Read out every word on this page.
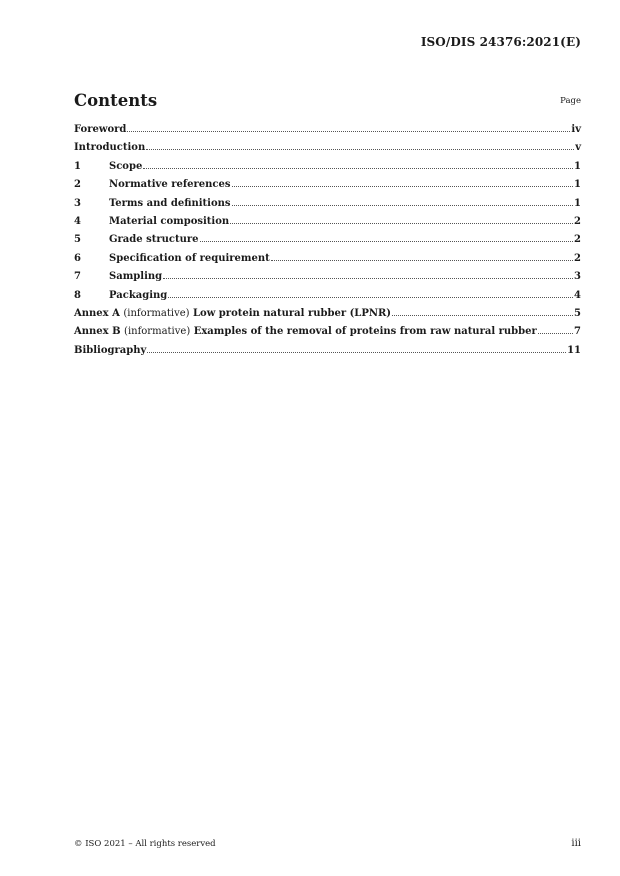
ISO/DIS 24376:2021(E)
Contents	Page
Foreword	iv
Introduction	v
1	Scope	1
2	Normative references	1
3	Terms and definitions	1
4	Material composition	2
5	Grade structure	2
6	Specification of requirement	2
7	Sampling	3
8	Packaging	4
Annex A (informative) Low protein natural rubber (LPNR)	5
Annex B (informative) Examples of the removal of proteins from raw natural rubber	7
Bibliography	11
© ISO 2021 – All rights reserved	iii
